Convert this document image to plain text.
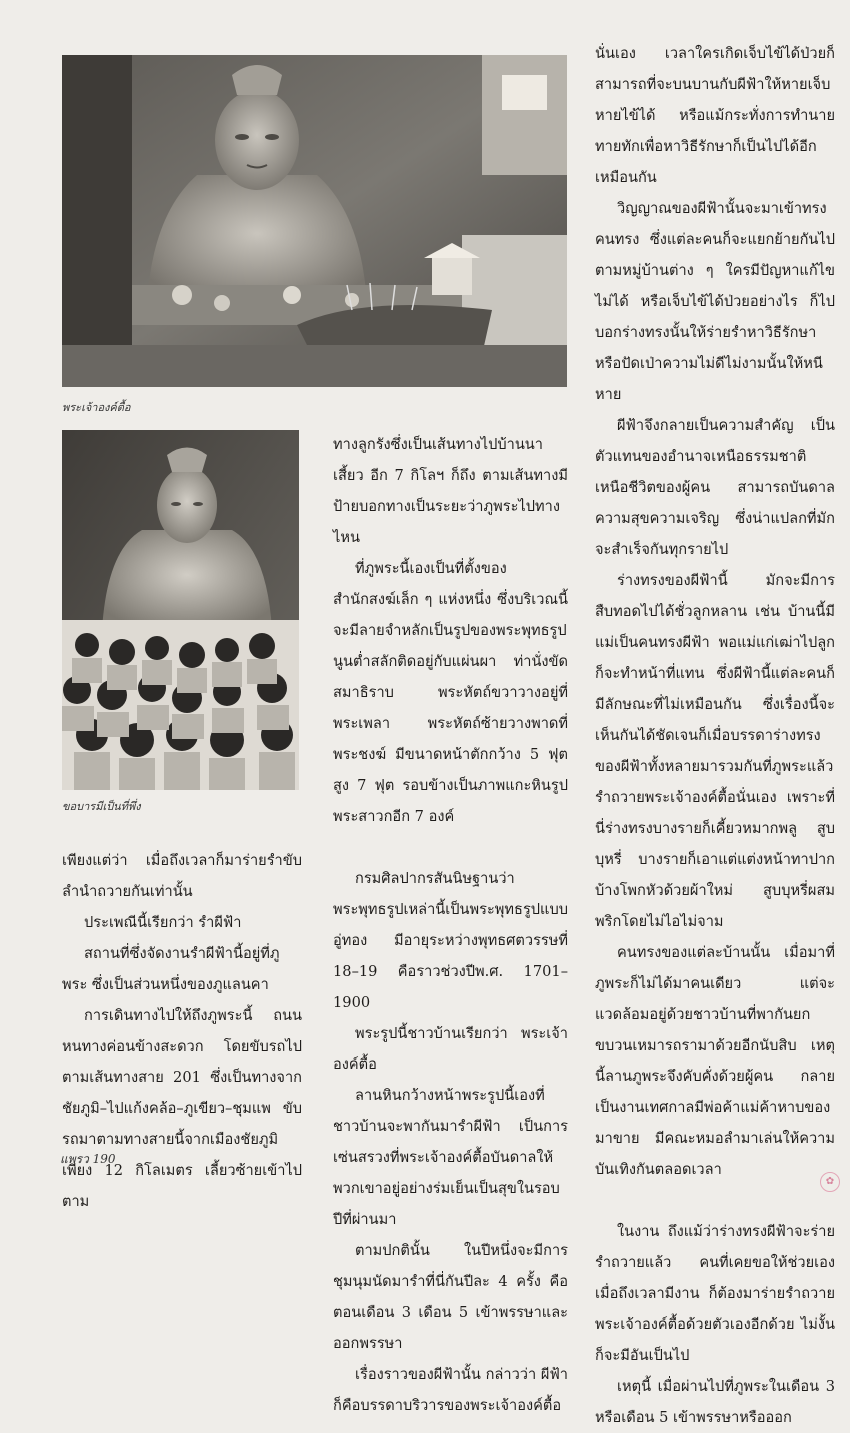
พระเจ้าองค์ตื้อ
ขอบารมีเป็นที่พึ่ง

เพียงแต่ว่า เมื่อถึงเวลาก็มาร่ายรำขับลำนำถวายกันเท่านั้น

ประเพณีนี้เรียกว่า รำผีฟ้า

สถานที่ซึ่งจัดงานรำผีฟ้านี้อยู่ที่ภูพระ ซึ่งเป็นส่วนหนึ่งของภูแลนคา

การเดินทางไปให้ถึงภูพระนี้ ถนนหนทางค่อนข้างสะดวก โดยขับรถไปตามเส้นทางสาย 201 ซึ่งเป็นทางจากชัยภูมิ–ไปแก้งคล้อ–ภูเขียว–ชุมแพ ขับรถมาตามทางสายนี้จากเมืองชัยภูมิเพียง 12 กิโลเมตร เลี้ยวซ้ายเข้าไปตาม

ทางลูกรังซึ่งเป็นเส้นทางไปบ้านนาเสี้ยว อีก 7 กิโลฯ ก็ถึง ตามเส้นทางมีป้ายบอกทางเป็นระยะว่าภูพระไปทางไหน

ที่ภูพระนี้เองเป็นที่ตั้งของสำนักสงฆ์เล็ก ๆ แห่งหนึ่ง ซึ่งบริเวณนี้จะมีลายจำหลักเป็นรูปของพระพุทธรูปนูนต่ำสลักติดอยู่กับแผ่นผา ท่านั่งขัดสมาธิราบ พระหัตถ์ขวาวางอยู่ที่พระเพลา พระหัตถ์ซ้ายวางพาดที่พระชงฆ์ มีขนาดหน้าตักกว้าง 5 ฟุต สูง 7 ฟุต รอบข้างเป็นภาพแกะหินรูปพระสาวกอีก 7 องค์

กรมศิลปากรสันนิษฐานว่าพระพุทธรูปเหล่านี้เป็นพระพุทธรูปแบบอู่ทอง มีอายุระหว่างพุทธศตวรรษที่ 18–19 คือราวช่วงปีพ.ศ. 1701–1900

พระรูปนี้ชาวบ้านเรียกว่า พระเจ้าองค์ตื้อ

ลานหินกว้างหน้าพระรูปนี้เองที่ชาวบ้านจะพากันมารำผีฟ้า เป็นการเซ่นสรวงที่พระเจ้าองค์ตื้อบันดาลให้พวกเขาอยู่อย่างร่มเย็นเป็นสุขในรอบปีที่ผ่านมา

ตามปกตินั้น ในปีหนึ่งจะมีการชุมนุมนัดมารำที่นี่กันปีละ 4 ครั้ง คือตอนเดือน 3 เดือน 5 เข้าพรรษาและออกพรรษา

เรื่องราวของผีฟ้านั้น กล่าวว่า ผีฟ้าก็คือบรรดาบริวารของพระเจ้าองค์ตื้อ

นั่นเอง เวลาใครเกิดเจ็บไข้ได้ป่วยก็สามารถที่จะบนบานกับผีฟ้าให้หายเจ็บหายไข้ได้ หรือแม้กระทั่งการทำนายทายทักเพื่อหาวิธีรักษาก็เป็นไปได้อีกเหมือนกัน

วิญญาณของผีฟ้านั้นจะมาเข้าทรงคนทรง ซึ่งแต่ละคนก็จะแยกย้ายกันไปตามหมู่บ้านต่าง ๆ ใครมีปัญหาแก้ไขไม่ได้ หรือเจ็บไข้ได้ป่วยอย่างไร ก็ไปบอกร่างทรงนั้นให้ร่ายรำหาวิธีรักษาหรือปัดเป่าความไม่ดีไม่งามนั้นให้หนีหาย

ผีฟ้าจึงกลายเป็นความสำคัญ เป็นตัวแทนของอำนาจเหนือธรรมชาติ เหนือชีวิตของผู้คน สามารถบันดาลความสุขความเจริญ ซึ่งน่าแปลกที่มักจะสำเร็จกันทุกรายไป

ร่างทรงของผีฟ้านี้ มักจะมีการสืบทอดไปได้ชั่วลูกหลาน เช่น บ้านนี้มีแม่เป็นคนทรงผีฟ้า พอแม่แก่เฒ่าไปลูกก็จะทำหน้าที่แทน ซึ่งผีฟ้านี้แต่ละคนก็มีลักษณะที่ไม่เหมือนกัน ซึ่งเรื่องนี้จะเห็นกันได้ชัดเจนก็เมื่อบรรดาร่างทรงของผีฟ้าทั้งหลายมารวมกันที่ภูพระแล้วรำถวายพระเจ้าองค์ตื้อนั่นเอง เพราะที่นี่ร่างทรงบางรายก็เคี้ยวหมากพลู สูบบุหรี่ บางรายก็เอาแต่แต่งหน้าทาปาก บ้างโพกหัวด้วยผ้าใหม่ สูบบุหรี่ผสมพริกโดยไม่ไอไม่จาม

คนทรงของแต่ละบ้านนั้น เมื่อมาที่ภูพระก็ไม่ได้มาคนเดียว แต่จะแวดล้อมอยู่ด้วยชาวบ้านที่พากันยกขบวนเหมารถรามาด้วยอีกนับสิบ เหตุนี้ลานภูพระจึงคับคั่งด้วยผู้คน กลายเป็นงานเทศกาลมีพ่อค้าแม่ค้าหาบของมาขาย มีคณะหมอลำมาเล่นให้ความบันเทิงกันตลอดเวลา

ในงาน ถึงแม้ว่าร่างทรงผีฟ้าจะร่ายรำถวายแล้ว คนที่เคยขอให้ช่วยเองเมื่อถึงเวลามีงาน ก็ต้องมาร่ายรำถวายพระเจ้าองค์ตื้อด้วยตัวเองอีกด้วย ไม่งั้นก็จะมีอันเป็นไป

เหตุนี้ เมื่อผ่านไปที่ภูพระในเดือน 3 หรือเดือน 5 เข้าพรรษาหรือออก

แพรว 190
✿
